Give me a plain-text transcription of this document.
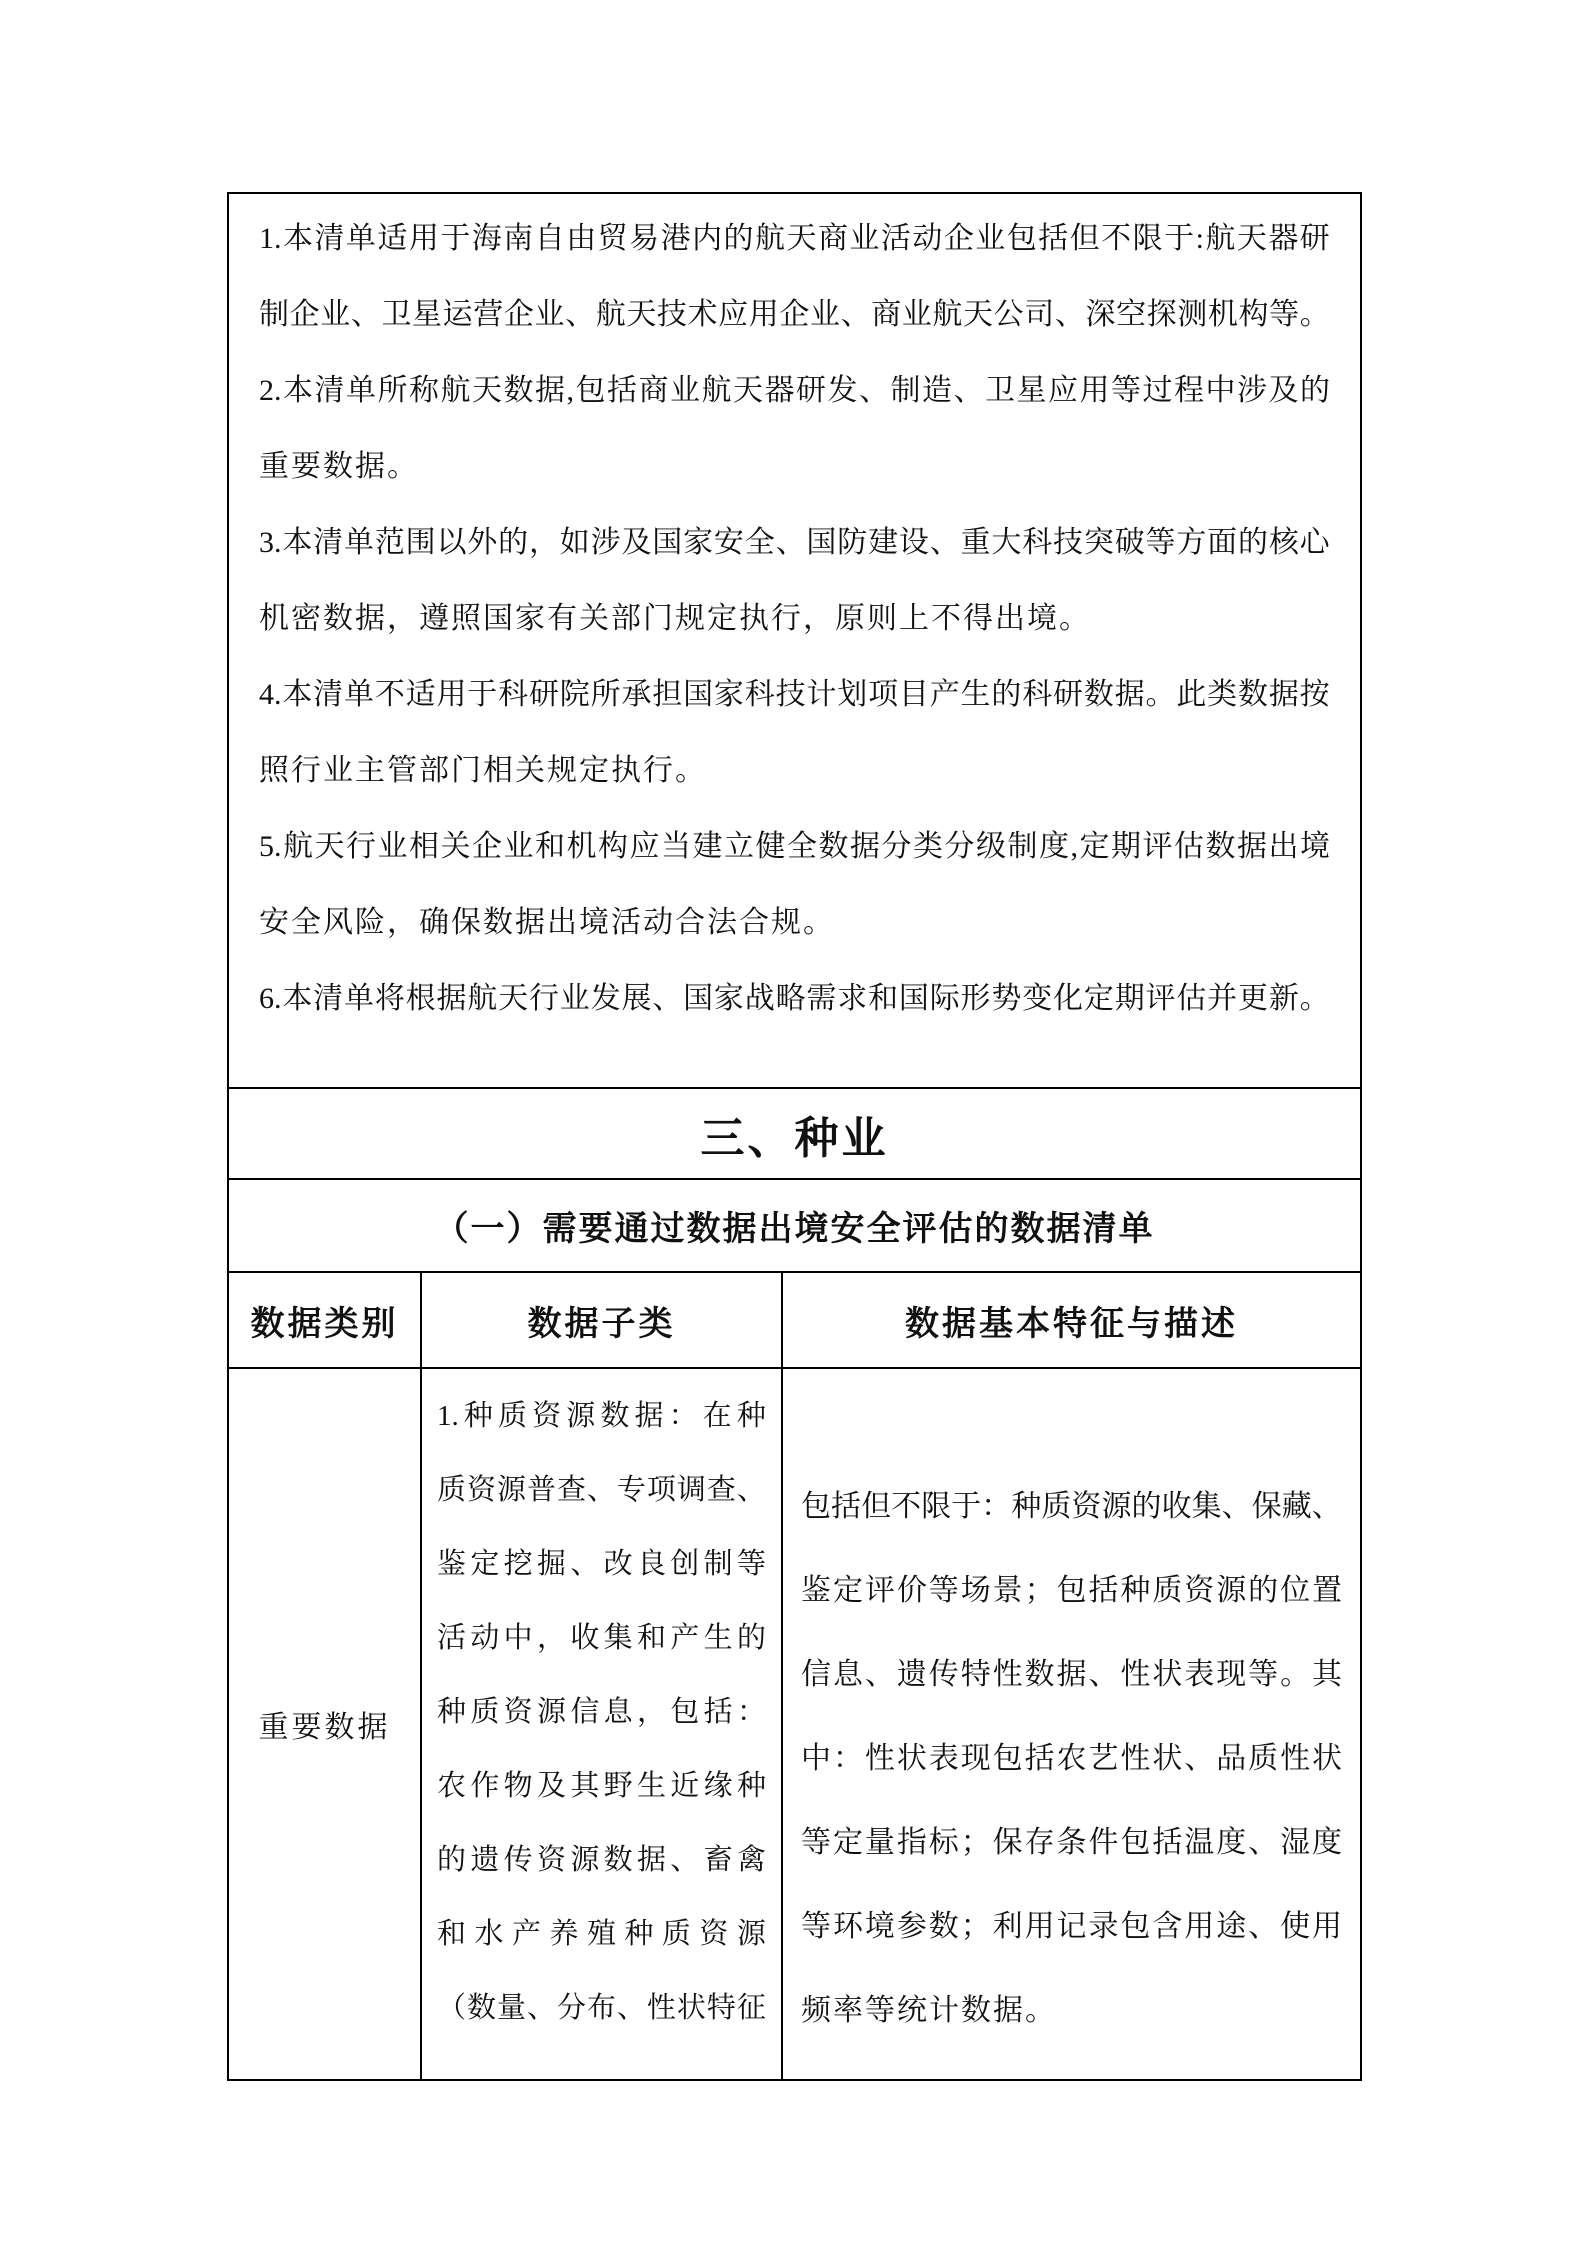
1. 本 清 单 适 用 于 海 南 自 由 贸 易 港 内 的 航 天 商 业 活 动 企 业 包 括 但 不 限 于 : 航 天 器 研
制 企 业 、 卫 星 运 营 企 业 、 航 天 技 术 应 用 企 业 、 商 业 航 天 公 司 、 深 空 探 测 机 构 等 。
2. 本 清 单 所 称 航 天 数 据 , 包 括 商 业 航 天 器 研 发 、 制 造 、 卫 星 应 用 等 过 程 中 涉 及 的
重 要 数 据 。
3. 本 清 单 范 围 以 外 的 ， 如 涉 及 国 家 安 全 、 国 防 建 设 、 重 大 科 技 突 破 等 方 面 的 核 心
机 密 数 据 ， 遵 照 国 家 有 关 部 门 规 定 执 行 ， 原 则 上 不 得 出 境 。
4. 本 清 单 不 适 用 于 科 研 院 所 承 担 国 家 科 技 计 划 项 目 产 生 的 科 研 数 据 。 此 类 数 据 按
照 行 业 主 管 部 门 相 关 规 定 执 行 。
5. 航 天 行 业 相 关 企 业 和 机 构 应 当 建 立 健 全 数 据 分 类 分 级 制 度 , 定 期 评 估 数 据 出 境
安 全 风 险 ， 确 保 数 据 出 境 活 动 合 法 合 规 。
6. 本 清 单 将 根 据 航 天 行 业 发 展 、 国 家 战 略 需 求 和 国 际 形 势 变 化 定 期 评 估 并 更 新 。
三、种业
（一）需要通过数据出境安全评估的数据清单
数据类别	数据子类	数据基本特征与描述
重要数据
1. 种 质 资 源 数 据 ： 在 种
质 资 源 普 查 、 专 项 调 查 、
鉴 定 挖 掘 、 改 良 创 制 等
活 动 中 ， 收 集 和 产 生 的
种 质 资 源 信 息 ， 包 括 ：
农 作 物 及 其 野 生 近 缘 种
的 遗 传 资 源 数 据 、 畜 禽
和 水 产 养 殖 种 质 资 源
（ 数 量 、 分 布 、 性 状 特 征
包 括 但 不 限 于 ： 种 质 资 源 的 收 集 、 保 藏 、
鉴 定 评 价 等 场 景 ； 包 括 种 质 资 源 的 位 置
信 息 、 遗 传 特 性 数 据 、 性 状 表 现 等 。 其
中 ： 性 状 表 现 包 括 农 艺 性 状 、 品 质 性 状
等 定 量 指 标 ； 保 存 条 件 包 括 温 度 、 湿 度
等 环 境 参 数 ； 利 用 记 录 包 含 用 途 、 使 用
频 率 等 统 计 数 据 。
